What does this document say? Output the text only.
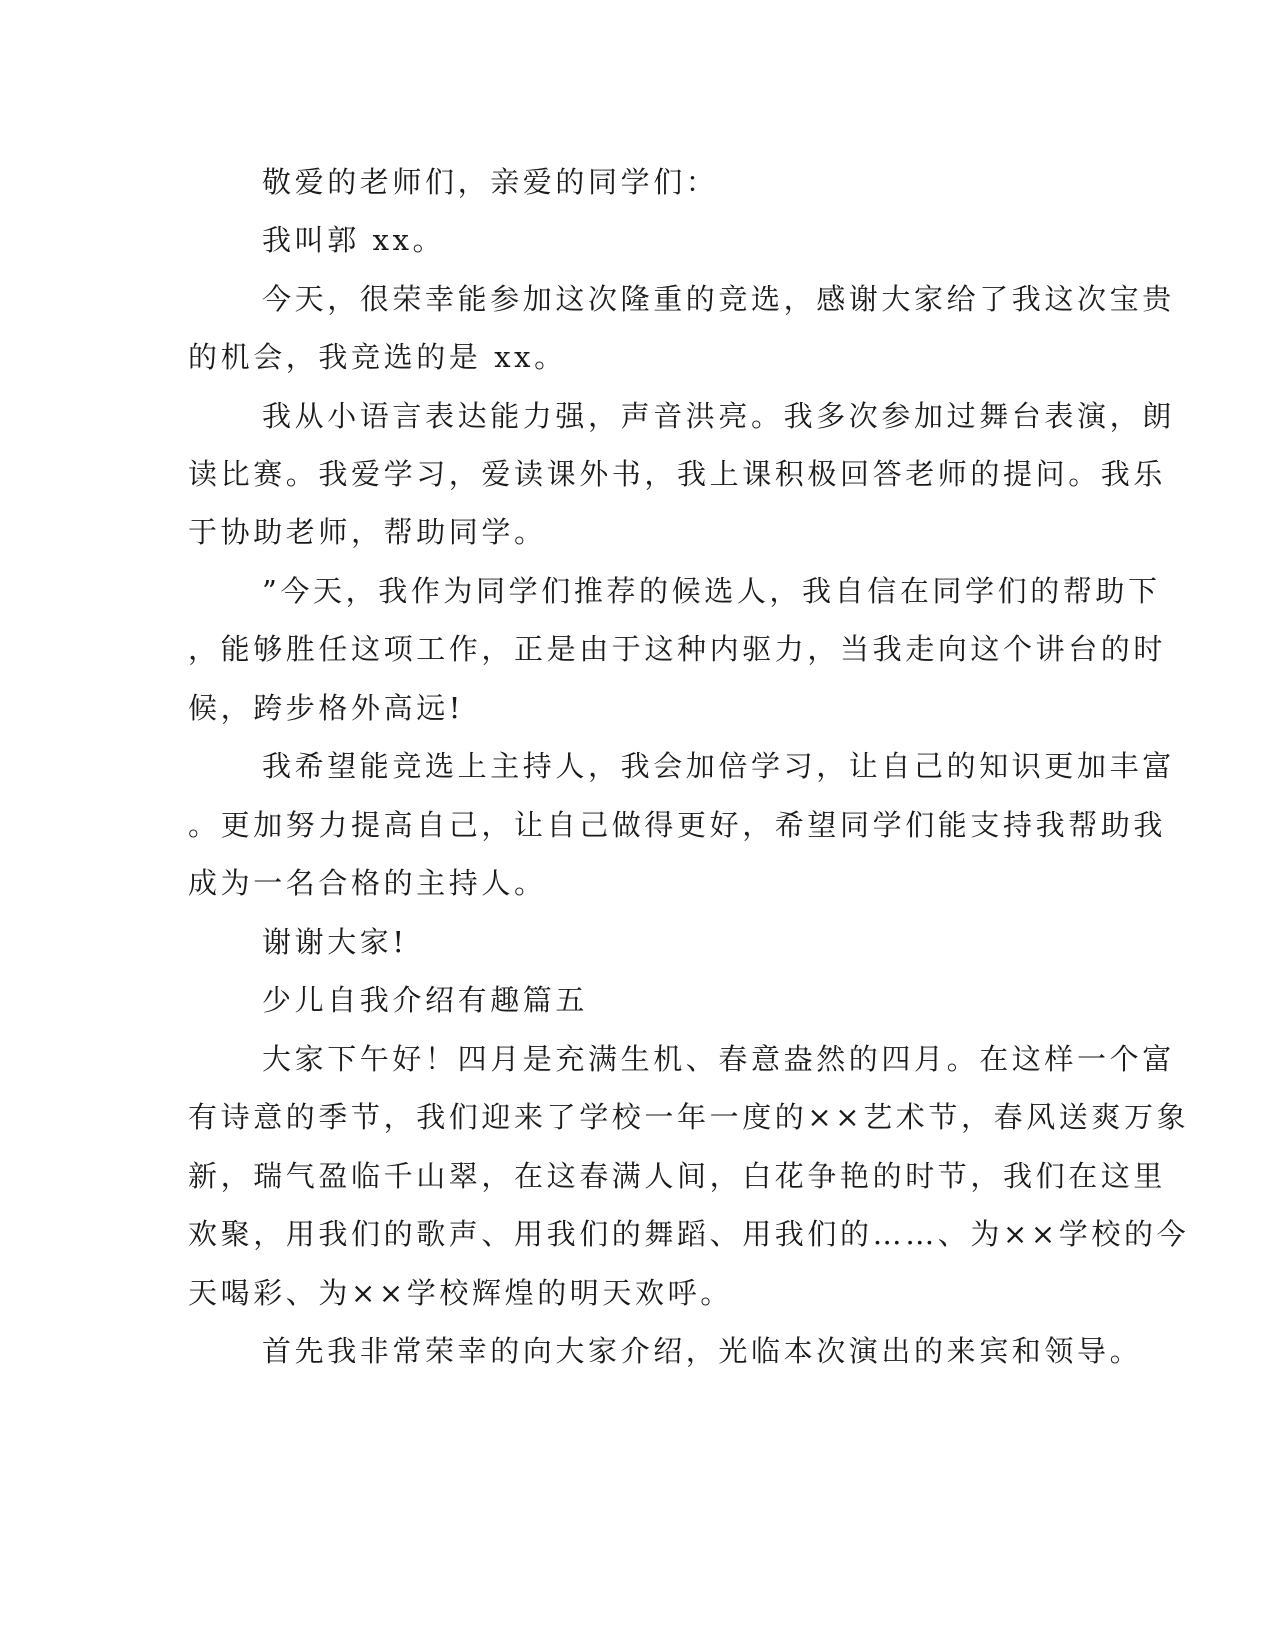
敬爱的老师们，亲爱的同学们：
我叫郭 xx。
今天，很荣幸能参加这次隆重的竞选，感谢大家给了我这次宝贵
的机会，我竞选的是 xx。
我从小语言表达能力强，声音洪亮。我多次参加过舞台表演，朗
读比赛。我爱学习，爱读课外书，我上课积极回答老师的提问。我乐
于协助老师，帮助同学。
”今天，我作为同学们推荐的候选人，我自信在同学们的帮助下
，能够胜任这项工作，正是由于这种内驱力，当我走向这个讲台的时
候，跨步格外高远!
我希望能竞选上主持人，我会加倍学习，让自己的知识更加丰富
。更加努力提高自己，让自己做得更好，希望同学们能支持我帮助我
成为一名合格的主持人。
谢谢大家!
少儿自我介绍有趣篇五
大家下午好！四月是充满生机、春意盎然的四月。在这样一个富
有诗意的季节，我们迎来了学校一年一度的××艺术节，春风送爽万象
新，瑞气盈临千山翠，在这春满人间，白花争艳的时节，我们在这里
欢聚，用我们的歌声、用我们的舞蹈、用我们的……、为××学校的今
天喝彩、为××学校辉煌的明天欢呼。
首先我非常荣幸的向大家介绍，光临本次演出的来宾和领导。
